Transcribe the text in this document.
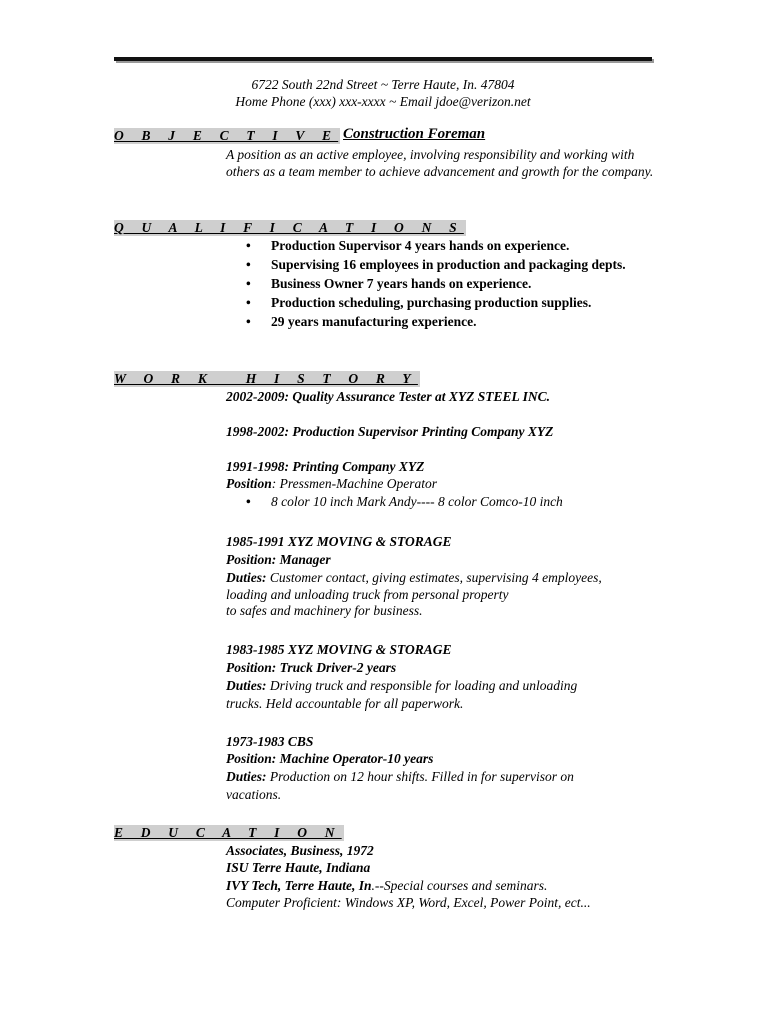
6722 South 22nd Street ~ Terre Haute, In. 47804
Home Phone (xxx) xxx-xxxx ~ Email jdoe@verizon.net
O B J E C T I V E Construction Foreman
A position as an active employee, involving responsibility and working with others as a team member to achieve advancement and growth for the company.
Q U A L I F I C A T I O N S
• Production Supervisor 4 years hands on experience.
• Supervising 16 employees in production and packaging depts.
• Business Owner 7 years hands on experience.
• Production scheduling, purchasing production supplies.
• 29 years manufacturing experience.
W O R K   H I S T O R Y
2002-2009: Quality Assurance Tester at XYZ STEEL INC.
1998-2002: Production Supervisor Printing Company XYZ
1991-1998: Printing Company XYZ
Position: Pressmen-Machine Operator
• 8 color 10 inch Mark Andy---- 8 color Comco-10 inch
1985-1991 XYZ MOVING & STORAGE
Position: Manager
Duties: Customer contact, giving estimates, supervising 4 employees,
loading and unloading truck from personal property
to safes and machinery for business.
1983-1985 XYZ MOVING & STORAGE
Position: Truck Driver-2 years
Duties: Driving truck and responsible for loading and unloading
trucks. Held accountable for all paperwork.
1973-1983 CBS
Position: Machine Operator-10 years
Duties: Production on 12 hour shifts. Filled in for supervisor on
vacations.
E D U C A T I O N
Associates, Business, 1972
ISU Terre Haute, Indiana
IVY Tech, Terre Haute, In.--Special courses and seminars.
Computer Proficient: Windows XP, Word, Excel, Power Point, ect...
